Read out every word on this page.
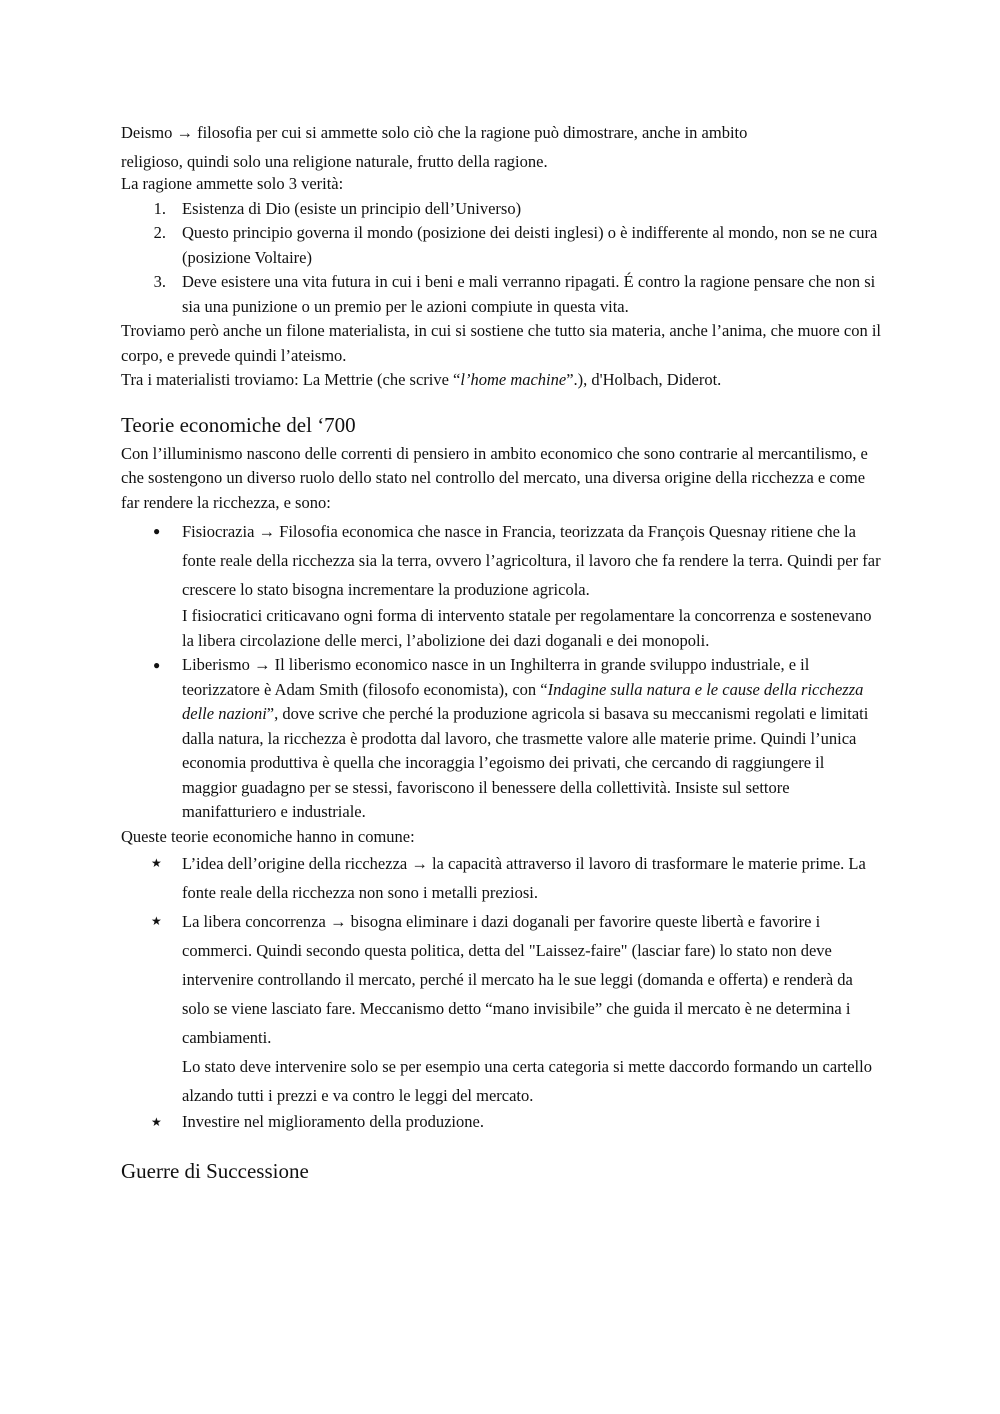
Deismo → filosofia per cui si ammette solo ciò che la ragione può dimostrare, anche in ambito

religioso, quindi solo una religione naturale, frutto della ragione.

La ragione ammette solo 3 verità:

1. Esistenza di Dio (esiste un principio dell’Universo)
2. Questo principio governa il mondo (posizione dei deisti inglesi) o è indifferente al mondo, non se ne cura (posizione Voltaire)
3. Deve esistere una vita futura in cui i beni e mali verranno ripagati. É contro la ragione pensare che non si sia una punizione o un premio per le azioni compiute in questa vita.

Troviamo però anche un filone materialista, in cui si sostiene che tutto sia materia, anche l’anima, che muore con il corpo, e prevede quindi l’ateismo.

Tra i materialisti troviamo: La Mettrie (che scrive “l’home machine”.), d'Holbach, Diderot.

Teorie economiche del ‘700

Con l’illuminismo nascono delle correnti di pensiero in ambito economico che sono contrarie al mercantilismo, e che sostengono un diverso ruolo dello stato nel controllo del mercato, una diversa origine della ricchezza e come far rendere la ricchezza, e sono:

●	Fisiocrazia → Filosofia economica che nasce in Francia, teorizzata da François Quesnay ritiene che la fonte reale della ricchezza sia la terra, ovvero l’agricoltura, il lavoro che fa rendere la terra. Quindi per far crescere lo stato bisogna incrementare la produzione agricola.

I fisiocratici criticavano ogni forma di intervento statale per regolamentare la concorrenza e sostenevano la libera circolazione delle merci, l’abolizione dei dazi doganali e dei monopoli.

●	Liberismo → Il liberismo economico nasce in un Inghilterra in grande sviluppo industriale, e il teorizzatore è Adam Smith (filosofo economista), con “Indagine sulla natura e le cause della ricchezza delle nazioni”, dove scrive che perché la produzione agricola si basava su meccanismi regolati e limitati dalla natura, la ricchezza è prodotta dal lavoro, che trasmette valore alle materie prime. Quindi l’unica economia produttiva è quella che incoraggia l’egoismo dei privati, che cercando di raggiungere il maggior guadagno per se stessi, favoriscono il benessere della collettività. Insiste sul settore manifatturiero e industriale.

Queste teorie economiche hanno in comune:

★	L’idea dell’origine della ricchezza → la capacità attraverso il lavoro di trasformare le materie prime. La fonte reale della ricchezza non sono i metalli preziosi.

★	La libera concorrenza → bisogna eliminare i dazi doganali per favorire queste libertà e favorire i commerci. Quindi secondo questa politica, detta del "Laissez-faire" (lasciar fare) lo stato non deve intervenire controllando il mercato, perché il mercato ha le sue leggi (domanda e offerta) e renderà da solo se viene lasciato fare. Meccanismo detto “mano invisibile” che guida il mercato è ne determina i cambiamenti.

Lo stato deve intervenire solo se per esempio una certa categoria si mette daccordo formando un cartello alzando tutti i prezzi e va contro le leggi del mercato.

★	Investire nel miglioramento della produzione.

Guerre di Successione
